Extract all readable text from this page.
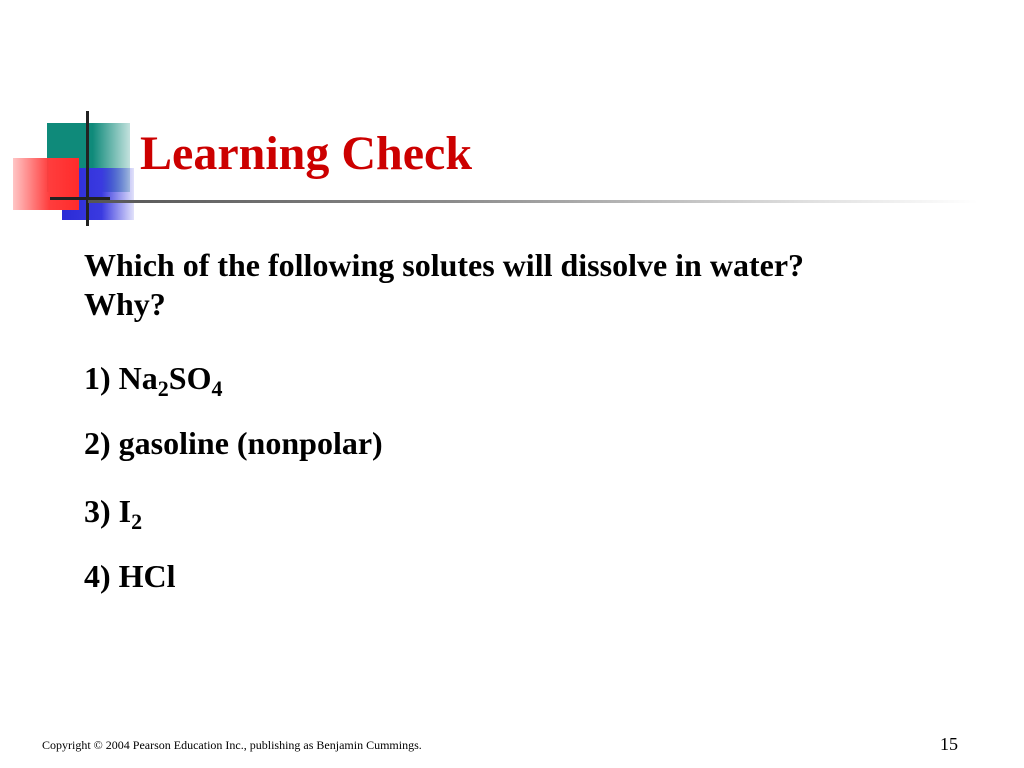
Learning Check
Which of the following solutes will dissolve in water? Why?
1) $Na_2SO_4$
2) gasoline (nonpolar)
3) $I_2$
4) HCl
Copyright © 2004 Pearson Education Inc., publishing as Benjamin Cummings.	15
